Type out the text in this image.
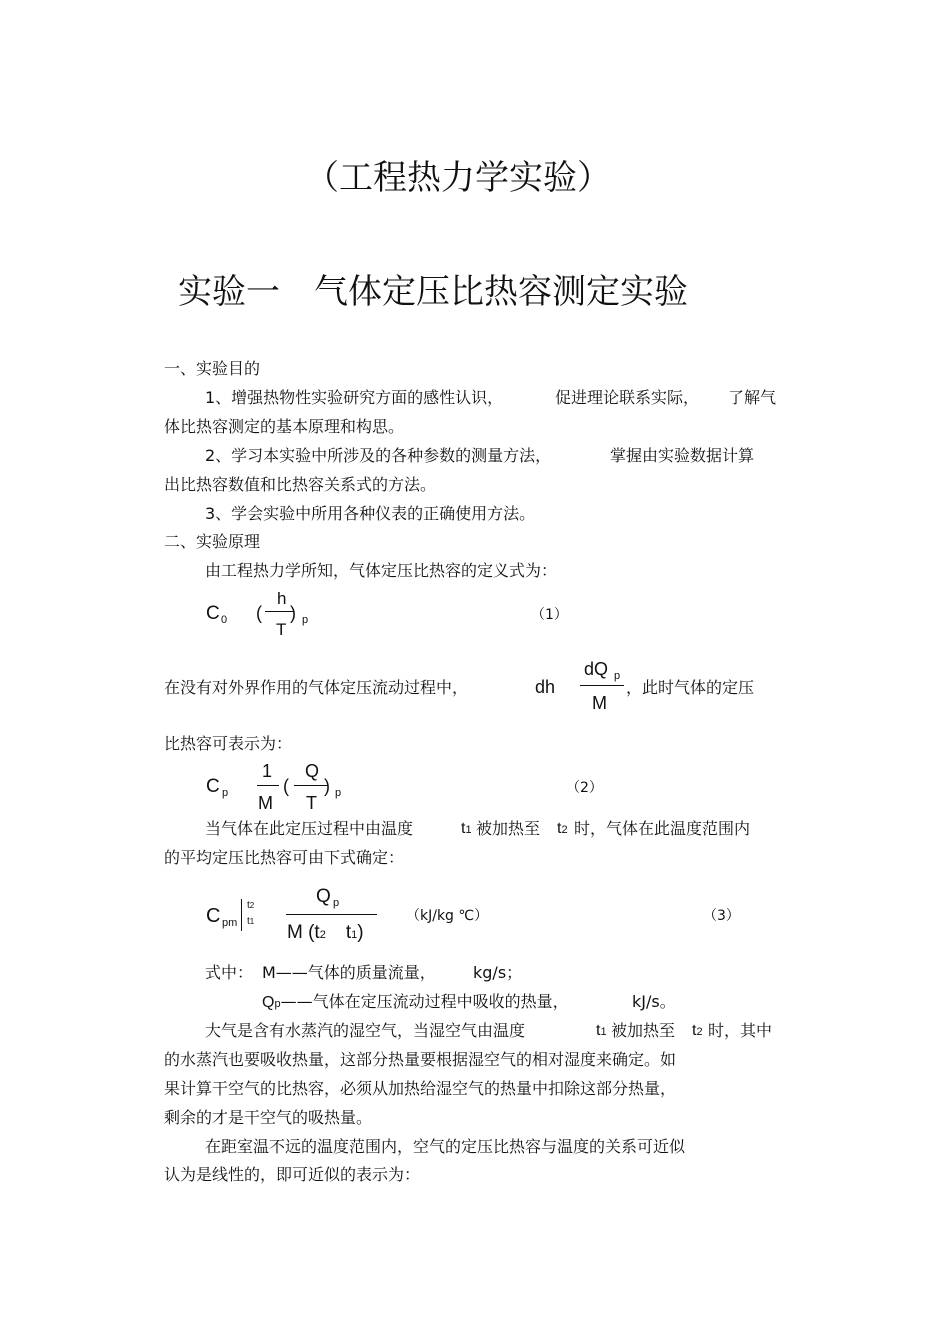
（工程热力学实验）
实验一　气体定压比热容测定实验
一、实验目的
1、增强热物性实验研究方面的感性认识，	促进理论联系实际， 了解气
体比热容测定的基本原理和构思。
2、学习本实验中所涉及的各种参数的测量方法，	掌握由实验数据计算
出比热容数值和比热容关系式的方法。
3、学会实验中所用各种仪表的正确使用方法。
二、实验原理
由工程热力学所知，气体定压比热容的定义式为：
C 0 (
h
T
) p	（1）
在没有对外界作用的气体定压流动过程中，	dh
dQ p
M
，此时气体的定压
比热容可表示为：
C p
1
M
(
Q
T
) p	（2）
当气体在此定压过程中由温度	t1 被加热至 t2 时，气体在此温度范围内
的平均定压比热容可由下式确定：
C pm
t2
t1
Q p
M (t2 t1)
（kJ/kg ℃）	（3）
式中： M——气体的质量流量， kg/s；
Qp——气体在定压流动过程中吸收的热量，	kJ/s。
大气是含有水蒸汽的湿空气，当湿空气由温度	t1 被加热至 t2 时，其中
的水蒸汽也要吸收热量，这部分热量要根据湿空气的相对湿度来确定。如
果计算干空气的比热容，必须从加热给湿空气的热量中扣除这部分热量，
剩余的才是干空气的吸热量。
在距室温不远的温度范围内，空气的定压比热容与温度的关系可近似
认为是线性的，即可近似的表示为：
